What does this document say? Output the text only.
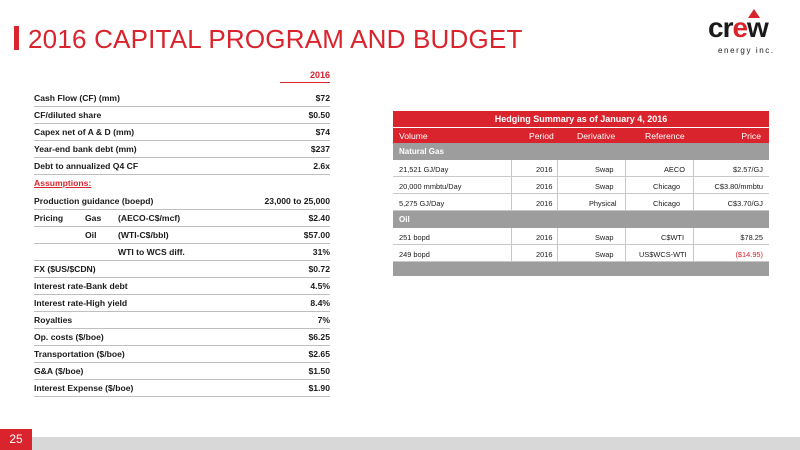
2016 CAPITAL PROGRAM AND BUDGET	crew
energy inc.
2016
Cash Flow (CF) (mm)	$72
CF/diluted share	$0.50
Capex net of A & D (mm)	$74
Year-end bank debt (mm)	$237
Debt to annualized Q4 CF	2.6x
Assumptions:
Production guidance (boepd)	23,000 to 25,000
Pricing	Gas (AECO-C$/mcf)	$2.40
Oil	(WTI-C$/bbl)	$57.00
WTI to WCS diff.	31%
FX ($US/$CDN)	$0.72
Interest rate-Bank debt	4.5%
Interest rate-High yield	8.4%
Royalties	7%
Op. costs ($/boe)	$6.25
Transportation ($/boe)	$2.65
G&A ($/boe)	$1.50
Interest Expense ($/boe)	$1.90
Hedging Summary as of January 4, 2016
Volume	Period	Derivative	Reference	Price
Natural Gas
21,521 GJ/Day	2016	Swap	AECO	$2.57/GJ
20,000 mmbtu/Day	2016	Swap	Chicago	C$3.80/mmbtu
5,275 GJ/Day	2016	Physical	Chicago	C$3.70/GJ
Oil
251 bopd	2016	Swap	C$WTI	$78.25
249 bopd	2016	Swap	US$WCS-WTI	($14.95)
25
